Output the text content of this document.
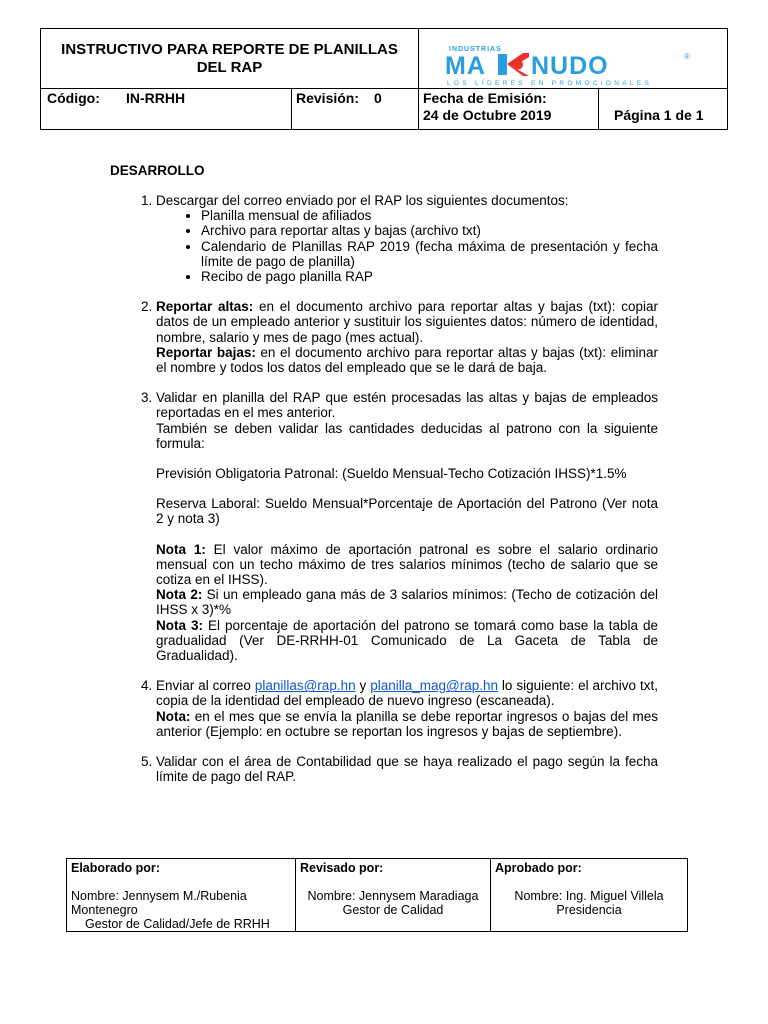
INSTRUCTIVO PARA REPORTE DE PLANILLAS DEL RAP
INDUSTRIAS
MA NUDO	®
LOS LÍDERES EN PROMOCIONALES
Código: IN-RRHH	Revisión: 0	Fecha de Emisión:
24 de Octubre 2019	Página 1 de 1
DESARROLLO

1. Descargar del correo enviado por el RAP los siguientes documentos:

• Planilla mensual de afiliados
• Archivo para reportar altas y bajas (archivo txt)
• Calendario de Planillas RAP 2019 (fecha máxima de presentación y fecha límite de pago de planilla)
• Recibo de pago planilla RAP

2. Reportar altas: en el documento archivo para reportar altas y bajas (txt): copiar datos de un empleado anterior y sustituir los siguientes datos: número de identidad, nombre, salario y mes de pago (mes actual).

Reportar bajas: en el documento archivo para reportar altas y bajas (txt): eliminar el nombre y todos los datos del empleado que se le dará de baja.

3. Validar en planilla del RAP que estén procesadas las altas y bajas de empleados reportadas en el mes anterior.

También se deben validar las cantidades deducidas al patrono con la siguiente formula:

Previsión Obligatoria Patronal: (Sueldo Mensual-Techo Cotización IHSS)*1.5%

Reserva Laboral: Sueldo Mensual*Porcentaje de Aportación del Patrono (Ver nota 2 y nota 3)

Nota 1: El valor máximo de aportación patronal es sobre el salario ordinario mensual con un techo máximo de tres salarios mínimos (techo de salario que se cotiza en el IHSS).

Nota 2: Si un empleado gana más de 3 salarios mínimos: (Techo de cotización del IHSS x 3)*%

Nota 3: El porcentaje de aportación del patrono se tomará como base la tabla de gradualidad (Ver DE-RRHH-01 Comunicado de La Gaceta de Tabla de Gradualidad).

4. Enviar al correo planillas@rap.hn y planilla_mag@rap.hn lo siguiente: el archivo txt, copia de la identidad del empleado de nuevo ingreso (escaneada).

Nota: en el mes que se envía la planilla se debe reportar ingresos o bajas del mes anterior (Ejemplo: en octubre se reportan los ingresos y bajas de septiembre).

5. Validar con el área de Contabilidad que se haya realizado el pago según la fecha límite de pago del RAP.

Elaborado por:
Nombre: Jennysem M./Rubenia Montenegro
Gestor de Calidad/Jefe de RRHH
Revisado por:
Nombre: Jennysem Maradiaga
Gestor de Calidad
Aprobado por:
Nombre: Ing. Miguel Villela
Presidencia
